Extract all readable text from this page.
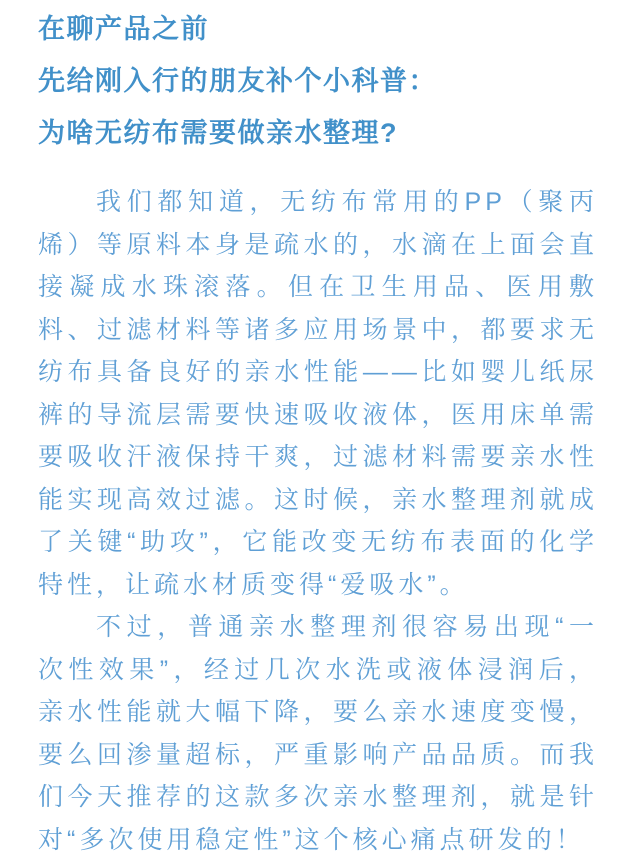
在聊产品之前
先给刚入行的朋友补个小科普：
为啥无纺布需要做亲水整理?

我们都知道，无纺布常用的PP（聚丙烯）等原料本身是疏水的，水滴在上面会直接凝成水珠滚落。但在卫生用品、医用敷料、过滤材料等诸多应用场景中，都要求无纺布具备良好的亲水性能——比如婴儿纸尿裤的导流层需要快速吸收液体，医用床单需要吸收汗液保持干爽，过滤材料需要亲水性能实现高效过滤。这时候，亲水整理剂就成了关键“助攻”，它能改变无纺布表面的化学特性，让疏水材质变得“爱吸水”。

不过，普通亲水整理剂很容易出现“一次性效果”，经过几次水洗或液体浸润后，亲水性能就大幅下降，要么亲水速度变慢，要么回渗量超标，严重影响产品品质。而我们今天推荐的这款多次亲水整理剂，就是针对“多次使用稳定性”这个核心痛点研发的！
